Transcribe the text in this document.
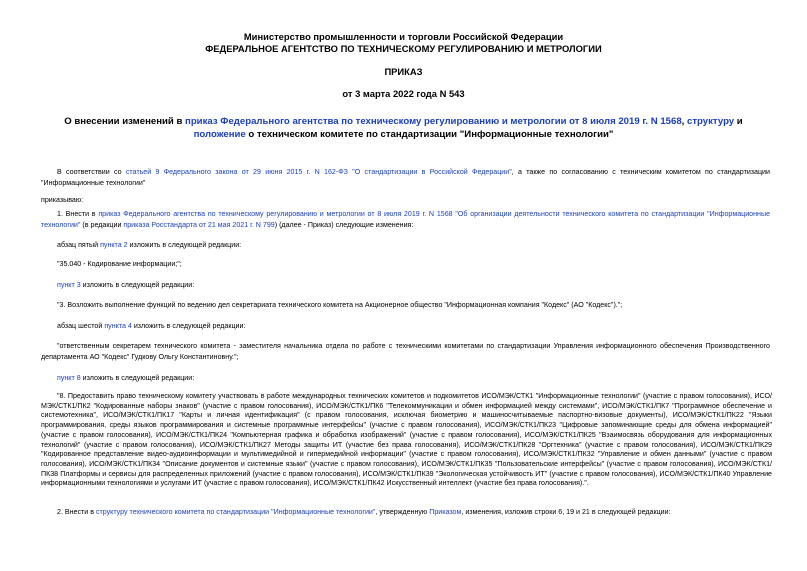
Министерство промышленности и торговли Российской Федерации
ФЕДЕРАЛЬНОЕ АГЕНТСТВО ПО ТЕХНИЧЕСКОМУ РЕГУЛИРОВАНИЮ И МЕТРОЛОГИИ
ПРИКАЗ
от 3 марта 2022 года N 543
О внесении изменений в приказ Федерального агентства по техническому регулированию и метрологии от 8 июля 2019 г. N 1568, структуру и положение о техническом комитете по стандартизации "Информационные технологии"
В соответствии со статьей 9 Федерального закона от 29 июня 2015 г. N 162-ФЗ "О стандартизации в Российской Федерации", а также по согласованию с техническим комитетом по стандартизации "Информационные технологии"
приказываю:
1. Внести в приказ Федерального агентства по техническому регулированию и метрологии от 8 июля 2019 г. N 1568 "Об организации деятельности технического комитета по стандартизации "Информационные технологии" (в редакции приказа Росстандарта от 21 мая 2021 г. N 799) (далее - Приказ) следующие изменения:
абзац пятый пункта 2 изложить в следующей редакции:
"35.040 - Кодирование информации;";
пункт 3 изложить в следующей редакции:
"3. Возложить выполнение функций по ведению дел секретариата технического комитета на Акционерное общество "Информационная компания "Кодекс" (АО "Кодекс").";
абзац шестой пункта 4 изложить в следующей редакции:
"ответственным секретарем технического комитета - заместителя начальника отдела по работе с техническими комитетами по стандартизации Управления информационного обеспечения Производственного департамента АО "Кодекс" Гудкову Ольгу Константиновну.";
пункт 8 изложить в следующей редакции:
"8. Предоставить право техническому комитету участвовать в работе международных технических комитетов и подкомитетов ИСО/МЭК/СТК1 "Информационные технологии" (участие с правом голосования), ИСО/МЭК/СТК1/ПК2 "Кодированные наборы знаков" (участие с правом голосования), ИСО/МЭК/СТК1/ПК6 "Телекоммуникации и обмен информацией между системами", ИСО/МЭК/СТК1/ПК7 "Программное обеспечение и системотехника", ИСО/МЭК/СТК1/ПК17 "Карты и личная идентификация" (с правом голосования, исключая биометрию и машиносчитываемые паспортно-визовые документы), ИСО/МЭК/СТК1/ПК22 "Языки программирования, среды языков программирования и системные программные интерфейсы" (участие с правом голосования), ИСО/МЭК/СТК1/ПК23 "Цифровые запоминающие среды для обмена информацией" (участие с правом голосования), ИСО/МЭК/СТК1/ПК24 "Компьютерная графика и обработка изображений" (участие с правом голосования), ИСО/МЭК/СТК1/ПК25 "Взаимосвязь оборудования для информационных технологий" (участие с правом голосования), ИСО/МЭК/СТК1/ПК27 Методы защиты ИТ (участие без права голосования), ИСО/МЭК/СТК1/ПК28 "Оргтехника" (участие с правом голосования), ИСО/МЭК/СТК1/ПК29 "Кодированное представление видео-аудиоинформации и мультимедийной и гипермедийной информации" (участие с правом голосования), ИСО/МЭК/СТК1/ПК32 "Управление и обмен данными" (участие с правом голосования), ИСО/МЭК/СТК1/ПК34 "Описание документов и системные языки" (участие с правом голосования), ИСО/МЭК/СТК1/ПК35 "Пользовательские интерфейсы" (участие с правом голосования), ИСО/МЭК/СТК1/ПК38 Платформы и сервисы для распределенных приложений (участие с правом голосования), ИСО/МЭК/СТК1/ПК39 "Экологическая устойчивость ИТ" (участие с правом голосования), ИСО/МЭК/СТК1/ПК40 Управление информационными технологиями и услугами ИТ (участие с правом голосования), ИСО/МЭК/СТК1/ПК42 Искусственный интеллект (участие без права голосования).".
2. Внести в структуру технического комитета по стандартизации "Информационные технологии", утвержденную Приказом, изменения, изложив строки 6, 19 и 21 в следующей редакции:
